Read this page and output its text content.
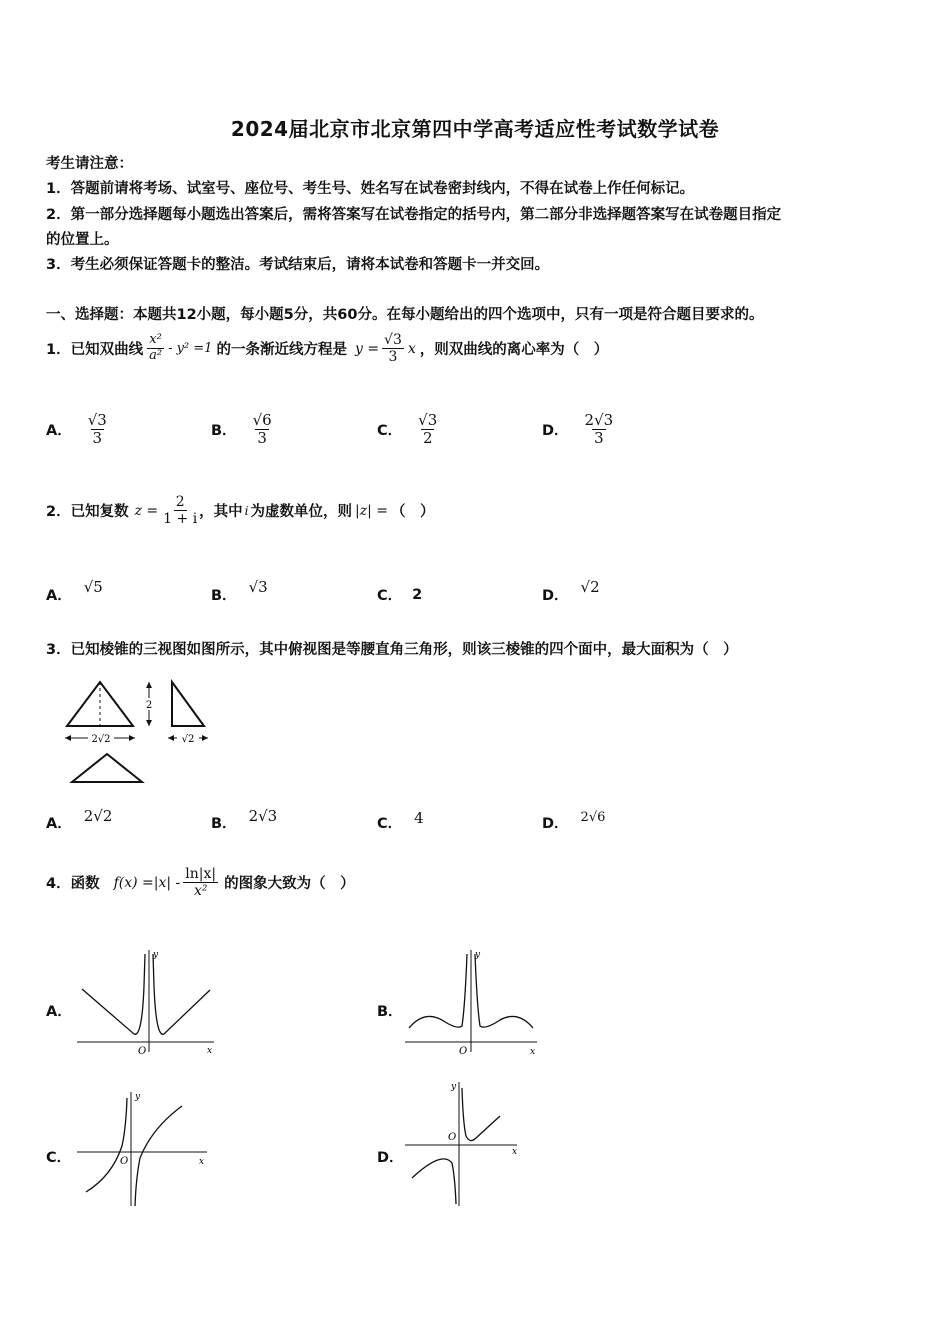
2024届北京市北京第四中学高考适应性考试数学试卷
考生请注意：
1．答题前请将考场、试室号、座位号、考生号、姓名写在试卷密封线内，不得在试卷上作任何标记。
2．第一部分选择题每小题选出答案后，需将答案写在试卷指定的括号内，第二部分非选择题答案写在试卷题目指定
的位置上。
3．考生必须保证答题卡的整洁。考试结束后，请将本试卷和答题卡一并交回。
一、选择题：本题共12小题，每小题5分，共60分。在每小题给出的四个选项中，只有一项是符合题目要求的。
1．已知双曲线 $\frac{\text{x²}}{\text{a²}} - y^2 =1$ 的一条渐近线方程是 $y = \frac{√3}{3}$ x ，则双曲线的离心率为（　）
A． $\frac{√3}{3}$	B． $\frac{√6}{3}$	C． $\frac{√3}{2}$	D． $\frac{2√3}{3}$
2．已知复数 $z = \frac{2}{1 + i}$ ，其中 i 为虚数单位，则 |z| = （　）
A．
√5
B．
√3
C． 2	D．
√2
3．已知棱锥的三视图如图所示，其中俯视图是等腰直角三角形，则该三棱锥的四个面中，最大面积为（　）
2√2
2
√2
A． 2√2	B． 2√3	C． 4	D． 2√6
4．函数 $f(x) =|x| - \frac{\ln|x|}{\text{x²}}$ 的图象大致为（　）
A．	B．
C．	D．
y
x
O
y
x
O
y
x
O
y
x
O
